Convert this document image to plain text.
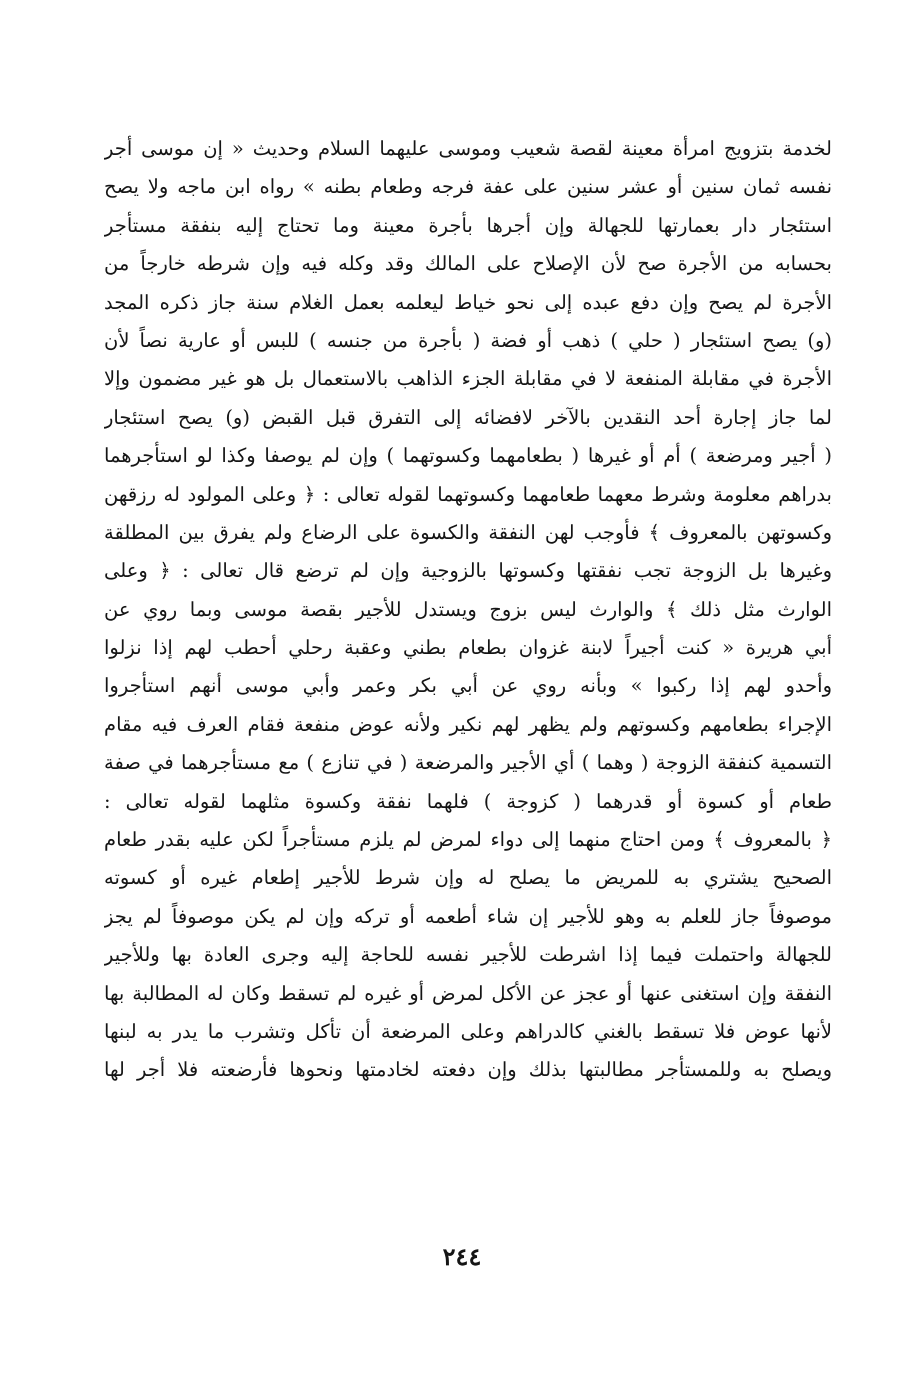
لخدمة بتزويج امرأة معينة لقصة شعيب وموسى عليهما السلام وحديث « إن موسى أجر
نفسه ثمان سنين أو عشر سنين على عفة فرجه وطعام بطنه » رواه ابن ماجه ولا يصح
استئجار دار بعمارتها للجهالة وإن أجرها بأجرة معينة وما تحتاج إليه بنفقة مستأجر
بحسابه من الأجرة صح لأن الإصلاح على المالك وقد وكله فيه وإن شرطه خارجاً من
الأجرة لم يصح وإن دفع عبده إلى نحو خياط ليعلمه بعمل الغلام سنة جاز ذكره المجد
(و) يصح استئجار ( حلي ) ذهب أو فضة ( بأجرة من جنسه ) للبس أو عارية نصاً لأن
الأجرة في مقابلة المنفعة لا في مقابلة الجزء الذاهب بالاستعمال بل هو غير مضمون وإلا
لما جاز إجارة أحد النقدين بالآخر لافضائه إلى التفرق قبل القبض (و) يصح استئجار
( أجير ومرضعة ) أم أو غيرها ( بطعامهما وكسوتهما ) وإن لم يوصفا وكذا لو استأجرهما
بدراهم معلومة وشرط معهما طعامهما وكسوتهما لقوله تعالى : ﴿ وعلى المولود له رزقهن
وكسوتهن بالمعروف ﴾ فأوجب لهن النفقة والكسوة على الرضاع ولم يفرق بين المطلقة
وغيرها بل الزوجة تجب نفقتها وكسوتها بالزوجية وإن لم ترضع قال تعالى : ﴿ وعلى
الوارث مثل ذلك ﴾ والوارث ليس بزوج ويستدل للأجير بقصة موسى وبما روي عن
أبي هريرة « كنت أجيراً لابنة غزوان بطعام بطني وعقبة رحلي أحطب لهم إذا نزلوا
وأحدو لهم إذا ركبوا » وبأنه روي عن أبي بكر وعمر وأبي موسى أنهم استأجروا
الإجراء بطعامهم وكسوتهم ولم يظهر لهم نكير ولأنه عوض منفعة فقام العرف فيه مقام
التسمية كنفقة الزوجة ( وهما ) أي الأجير والمرضعة ( في تنازع ) مع مستأجرهما في صفة
طعام أو كسوة أو قدرهما ( كزوجة ) فلهما نفقة وكسوة مثلهما لقوله تعالى :
﴿ بالمعروف ﴾ ومن احتاج منهما إلى دواء لمرض لم يلزم مستأجراً لكن عليه بقدر طعام
الصحيح يشتري به للمريض ما يصلح له وإن شرط للأجير إطعام غيره أو كسوته
موصوفاً جاز للعلم به وهو للأجير إن شاء أطعمه أو تركه وإن لم يكن موصوفاً لم يجز
للجهالة واحتملت فيما إذا اشرطت للأجير نفسه للحاجة إليه وجرى العادة بها وللأجير
النفقة وإن استغنى عنها أو عجز عن الأكل لمرض أو غيره لم تسقط وكان له المطالبة بها
لأنها عوض فلا تسقط بالغني كالدراهم وعلى المرضعة أن تأكل وتشرب ما يدر به لبنها
ويصلح به وللمستأجر مطالبتها بذلك وإن دفعته لخادمتها ونحوها فأرضعته فلا أجر لها
٢٤٤
